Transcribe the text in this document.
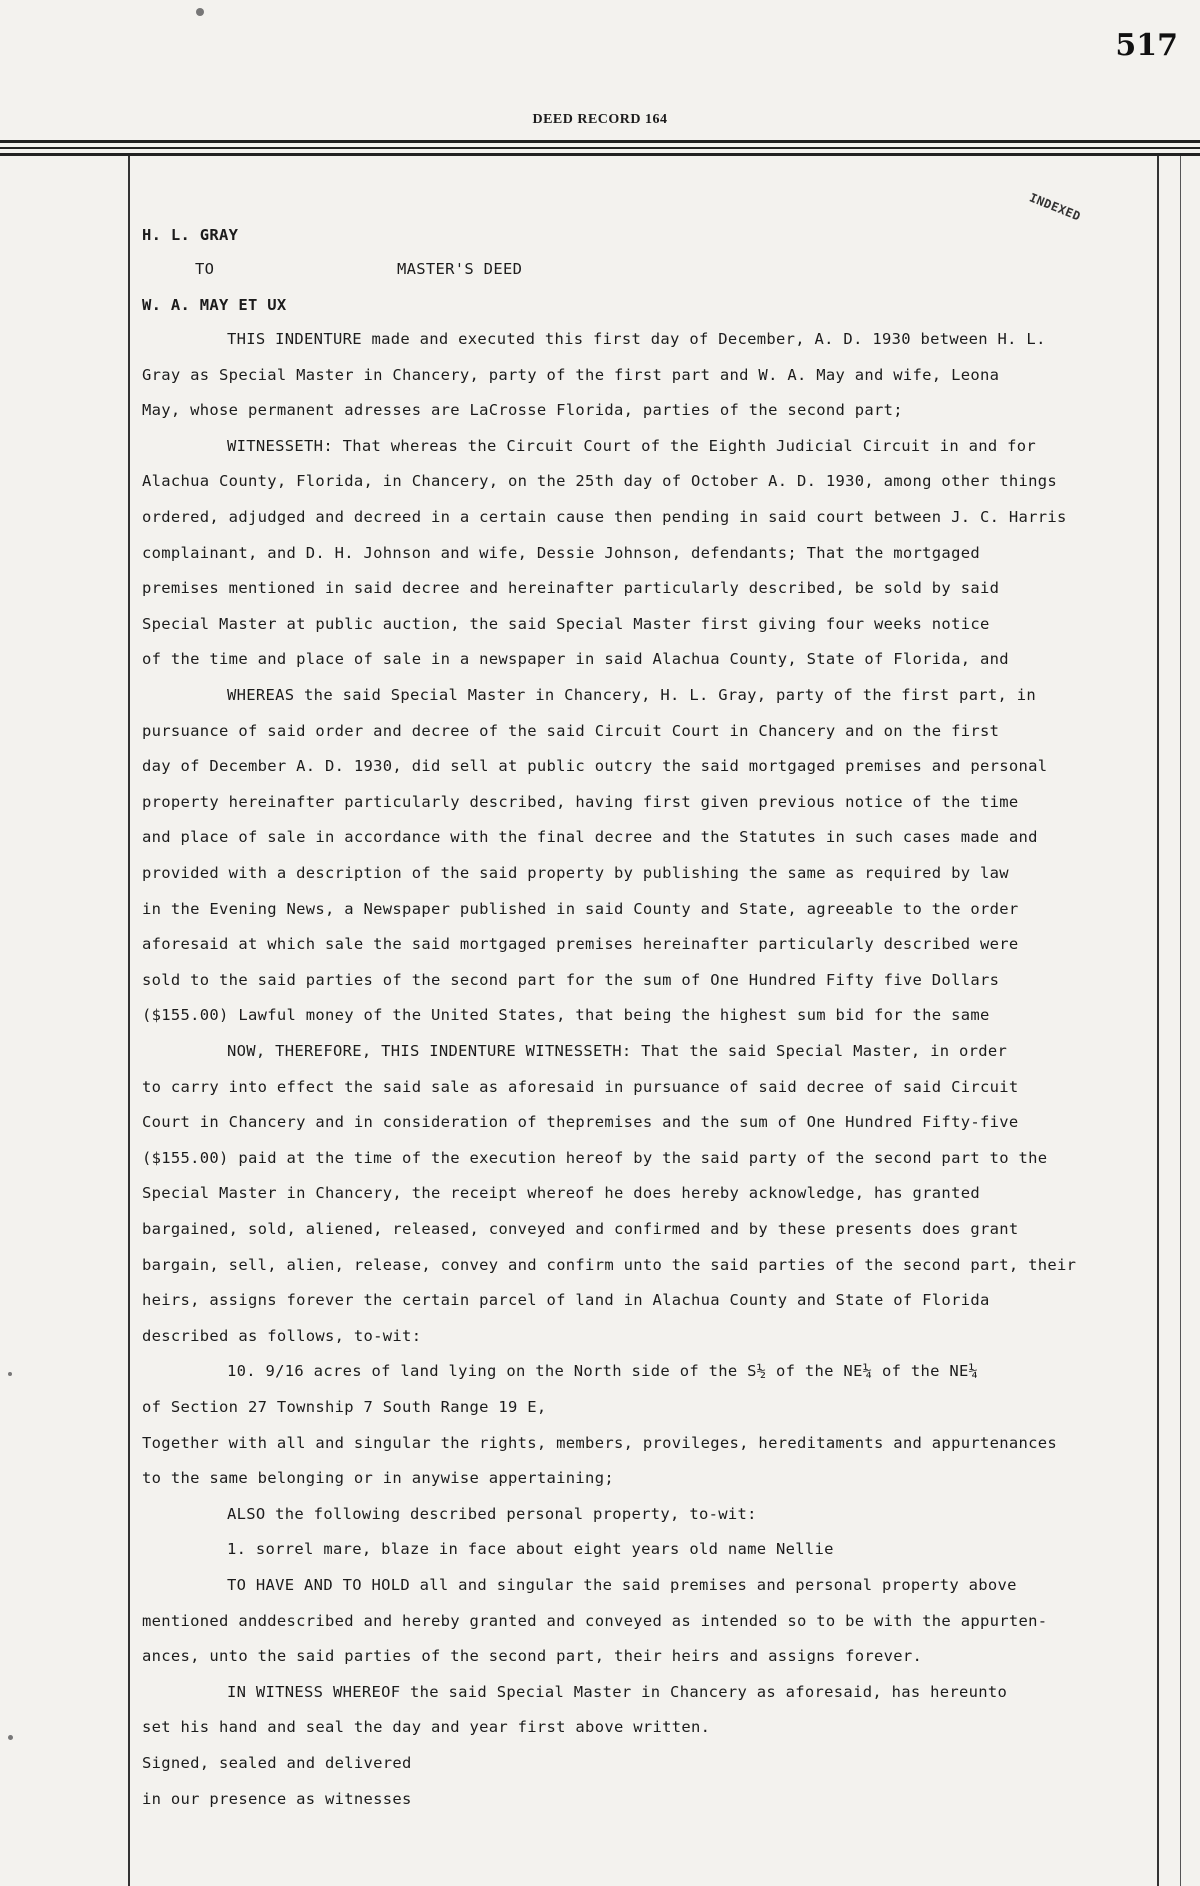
517
DEED RECORD 164
INDEXED
H. L. GRAY
TO	MASTER'S DEED
W. A. MAY ET UX
THIS INDENTURE made and executed this first day of December, A. D. 1930 between H. L.
Gray as Special Master in Chancery, party of the first part and W. A. May and wife, Leona
May, whose permanent adresses are LaCrosse Florida, parties of the second part;
WITNESSETH: That whereas the Circuit Court of the Eighth Judicial Circuit in and for
Alachua County, Florida, in Chancery, on the 25th day of October A. D. 1930, among other things
ordered, adjudged and decreed in a certain cause then pending in said court between J. C. Harris
complainant, and D. H. Johnson and wife, Dessie Johnson, defendants; That the mortgaged
premises mentioned in said decree and hereinafter particularly described, be sold by said
Special Master at public auction, the said Special Master first giving four weeks notice
of the time and place of sale in a newspaper in said Alachua County, State of Florida, and
WHEREAS the said Special Master in Chancery, H. L. Gray, party of the first part, in
pursuance of said order and decree of the said Circuit Court in Chancery and on the first
day of December A. D. 1930, did sell at public outcry the said mortgaged premises and personal
property hereinafter particularly described, having first given previous notice of the time
and place of sale in accordance with the final decree and the Statutes in such cases made and
provided with a description of the said property by publishing the same as required by law
in the Evening News, a Newspaper published in said County and State, agreeable to the order
aforesaid at which sale the said mortgaged premises hereinafter particularly described were
sold to the said parties of the second part for the sum of One Hundred Fifty five Dollars
($155.00) Lawful money of the United States, that being the highest sum bid for the same
NOW, THEREFORE, THIS INDENTURE WITNESSETH: That the said Special Master, in order
to carry into effect the said sale as aforesaid in pursuance of said decree of said Circuit
Court in Chancery and in consideration of thepremises and the sum of One Hundred Fifty-five
($155.00) paid at the time of the execution hereof by the said party of the second part to the
Special Master in Chancery, the receipt whereof he does hereby acknowledge, has granted
bargained, sold, aliened, released, conveyed and confirmed and by these presents does grant
bargain, sell, alien, release, convey and confirm unto the said parties of the second part, their
heirs, assigns forever the certain parcel of land in Alachua County and State of Florida
described as follows, to-wit:
10. 9/16 acres of land lying on the North side of the S½ of the NE¼ of the NE¼
of Section 27 Township 7 South Range 19 E,
Together with all and singular the rights, members, provileges, hereditaments and appurtenances
to the same belonging or in anywise appertaining;
ALSO the following described personal property, to-wit:
1. sorrel mare, blaze in face about eight years old name Nellie
TO HAVE AND TO HOLD all and singular the said premises and personal property above
mentioned anddescribed and hereby granted and conveyed as intended so to be with the appurten-
ances, unto the said parties of the second part, their heirs and assigns forever.
IN WITNESS WHEREOF the said Special Master in Chancery as aforesaid, has hereunto
set his hand and seal the day and year first above written.
Signed, sealed and delivered
in our presence as witnesses
